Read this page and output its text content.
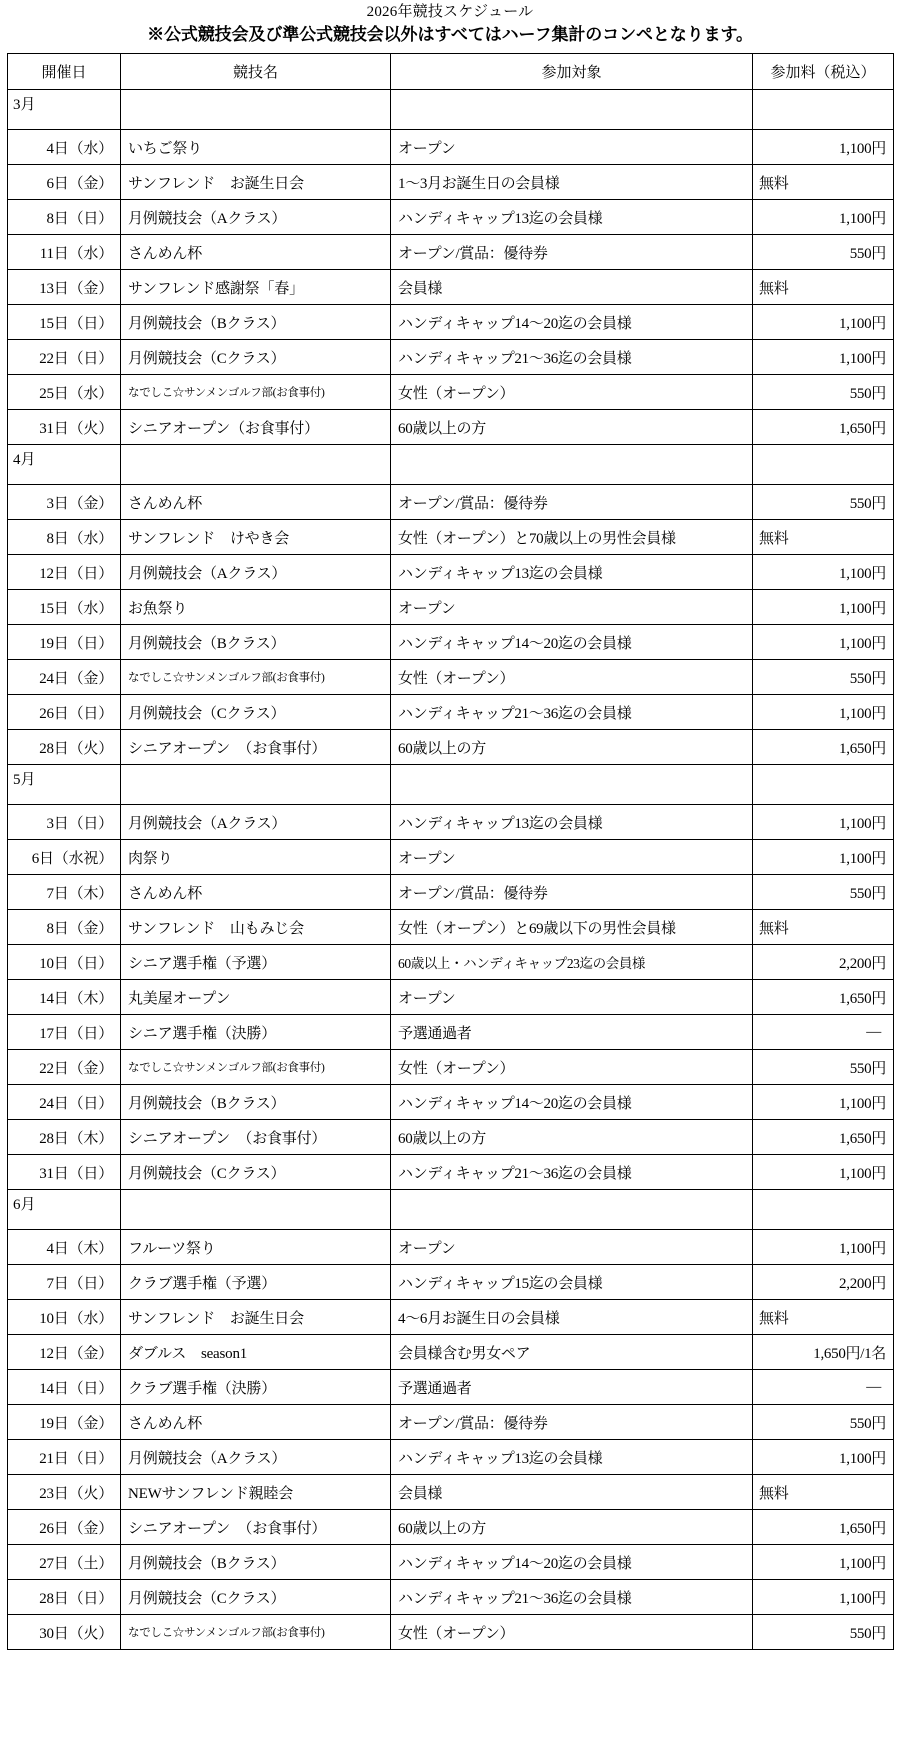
2026年競技スケジュール
※公式競技会及び準公式競技会以外はすべてはハーフ集計のコンペとなります。
開催日	競技名	参加対象	参加料（税込）
3月			
4日（水）	いちご祭り	オープン	1,100円
6日（金）	サンフレンド　お誕生日会	1～3月お誕生日の会員様	無料
8日（日）	月例競技会（Aクラス）	ハンディキャップ13迄の会員様	1,100円
11日（水）	さんめん杯	オープン/賞品：優待券	550円
13日（金）	サンフレンド感謝祭「春」	会員様	無料
15日（日）	月例競技会（Bクラス）	ハンディキャップ14～20迄の会員様	1,100円
22日（日）	月例競技会（Cクラス）	ハンディキャップ21～36迄の会員様	1,100円
25日（水）	なでしこ☆サンメンゴルフ部(お食事付)	女性（オープン）	550円
31日（火）	シニアオープン（お食事付）	60歳以上の方	1,650円
4月			
3日（金）	さんめん杯	オープン/賞品：優待券	550円
8日（水）	サンフレンド　けやき会	女性（オープン）と70歳以上の男性会員様	無料
12日（日）	月例競技会（Aクラス）	ハンディキャップ13迄の会員様	1,100円
15日（水）	お魚祭り	オープン	1,100円
19日（日）	月例競技会（Bクラス）	ハンディキャップ14～20迄の会員様	1,100円
24日（金）	なでしこ☆サンメンゴルフ部(お食事付)	女性（オープン）	550円
26日（日）	月例競技会（Cクラス）	ハンディキャップ21～36迄の会員様	1,100円
28日（火）	シニアオープン　（お食事付）	60歳以上の方	1,650円
5月			
3日（日）	月例競技会（Aクラス）	ハンディキャップ13迄の会員様	1,100円
6日（水祝）	肉祭り	オープン	1,100円
7日（木）	さんめん杯	オープン/賞品：優待券	550円
8日（金）	サンフレンド　山もみじ会	女性（オープン）と69歳以下の男性会員様	無料
10日（日）	シニア選手権（予選）	60歳以上・ハンディキャップ23迄の会員様	2,200円
14日（木）	丸美屋オープン	オープン	1,650円
17日（日）	シニア選手権（決勝）	予選通過者	―
22日（金）	なでしこ☆サンメンゴルフ部(お食事付)	女性（オープン）	550円
24日（日）	月例競技会（Bクラス）	ハンディキャップ14～20迄の会員様	1,100円
28日（木）	シニアオープン　（お食事付）	60歳以上の方	1,650円
31日（日）	月例競技会（Cクラス）	ハンディキャップ21～36迄の会員様	1,100円
6月			
4日（木）	フルーツ祭り	オープン	1,100円
7日（日）	クラブ選手権（予選）	ハンディキャップ15迄の会員様	2,200円
10日（水）	サンフレンド　お誕生日会	4～6月お誕生日の会員様	無料
12日（金）	ダブルス　season1	会員様含む男女ペア	1,650円/1名
14日（日）	クラブ選手権（決勝）	予選通過者	―
19日（金）	さんめん杯	オープン/賞品：優待券	550円
21日（日）	月例競技会（Aクラス）	ハンディキャップ13迄の会員様	1,100円
23日（火）	NEWサンフレンド親睦会	会員様	無料
26日（金）	シニアオープン　（お食事付）	60歳以上の方	1,650円
27日（土）	月例競技会（Bクラス）	ハンディキャップ14～20迄の会員様	1,100円
28日（日）	月例競技会（Cクラス）	ハンディキャップ21～36迄の会員様	1,100円
30日（火）	なでしこ☆サンメンゴルフ部(お食事付)	女性（オープン）	550円
